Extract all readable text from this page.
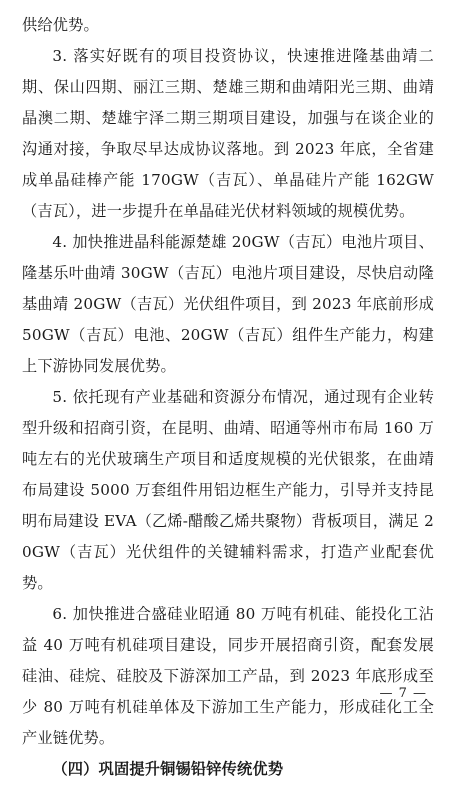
供给优势。

3. 落实好既有的项目投资协议，快速推进隆基曲靖二期、保山四期、丽江三期、楚雄三期和曲靖阳光三期、曲靖晶澳二期、楚雄宇泽二期三期项目建设，加强与在谈企业的沟通对接，争取尽早达成协议落地。到 2023 年底，全省建成单晶硅棒产能 170GW（吉瓦）、单晶硅片产能 162GW（吉瓦），进一步提升在单晶硅光伏材料领域的规模优势。

4. 加快推进晶科能源楚雄 20GW（吉瓦）电池片项目、隆基乐叶曲靖 30GW（吉瓦）电池片项目建设，尽快启动隆基曲靖 20GW（吉瓦）光伏组件项目，到 2023 年底前形成 50GW（吉瓦）电池、20GW（吉瓦）组件生产能力，构建上下游协同发展优势。

5. 依托现有产业基础和资源分布情况，通过现有企业转型升级和招商引资，在昆明、曲靖、昭通等州市布局 160 万吨左右的光伏玻璃生产项目和适度规模的光伏银浆，在曲靖布局建设 5000 万套组件用铝边框生产能力，引导并支持昆明布局建设 EVA（乙烯-醋酸乙烯共聚物）背板项目，满足 20GW（吉瓦）光伏组件的关键辅料需求，打造产业配套优势。

6. 加快推进合盛硅业昭通 80 万吨有机硅、能投化工沾益 40 万吨有机硅项目建设，同步开展招商引资，配套发展硅油、硅烷、硅胶及下游深加工产品，到 2023 年底形成至少 80 万吨有机硅单体及下游加工生产能力，形成硅化工全产业链优势。

（四）巩固提升铜锡铅锌传统优势

— 7 —
